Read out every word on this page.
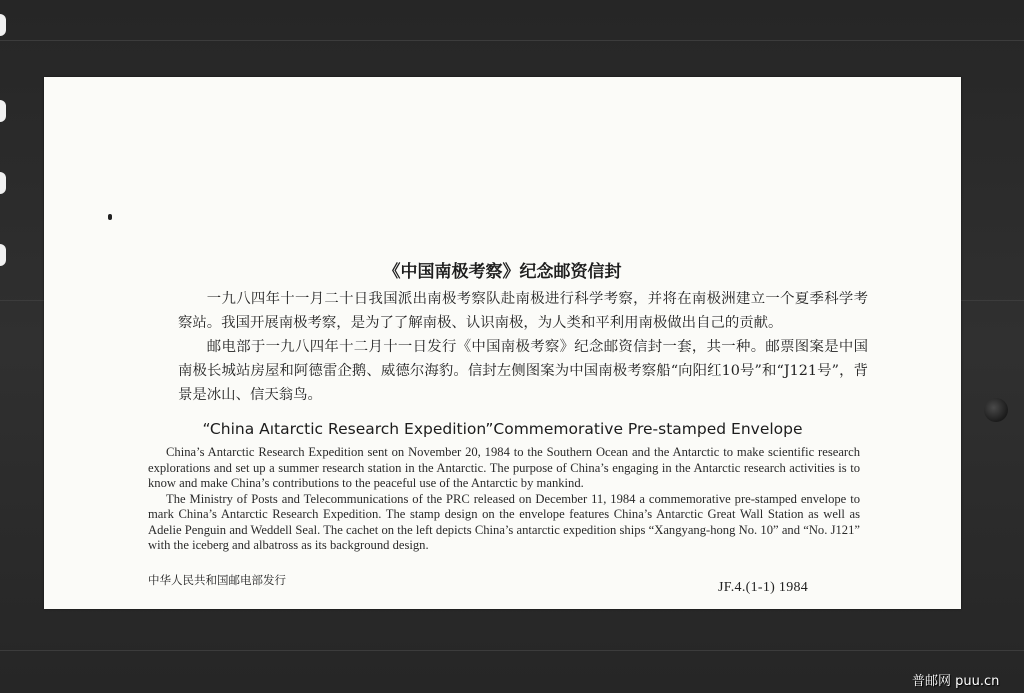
《中国南极考察》纪念邮资信封

一九八四年十一月二十日我国派出南极考察队赴南极进行科学考察，并将在南极洲建立一个夏季科学考察站。我国开展南极考察，是为了了解南极、认识南极，为人类和平利用南极做出自己的贡献。

邮电部于一九八四年十二月十一日发行《中国南极考察》纪念邮资信封一套，共一种。邮票图案是中国南极长城站房屋和阿德雷企鹅、威德尔海豹。信封左侧图案为中国南极考察船“向阳红10号”和“J121号”，背景是冰山、信天翁鸟。

“China Aıtarctic Research Expedition”Commemorative Pre-stamped Envelope

China’s Antarctic Research Expedition sent on November 20, 1984 to the Southern Ocean and the Antarctic to make scientific research explorations and set up a summer research station in the Antarctic. The purpose of China’s engaging in the Antarctic research activities is to know and make China’s contributions to the peaceful use of the Antarctic by mankind.

The Ministry of Posts and Telecommunications of the PRC released on December 11, 1984 a commemorative pre-stamped envelope to mark China’s Antarctic Research Expedition. The stamp design on the envelope features China’s Antarctic Great Wall Station as well as Adelie Penguin and Weddell Seal. The cachet on the left depicts China’s antarctic expedition ships “Xangyang-hong No. 10” and “No. J121” with the iceberg and albatross as its background design.

中华人民共和国邮电部发行	JF.4.(1-1) 1984
普邮网 puu.cn
